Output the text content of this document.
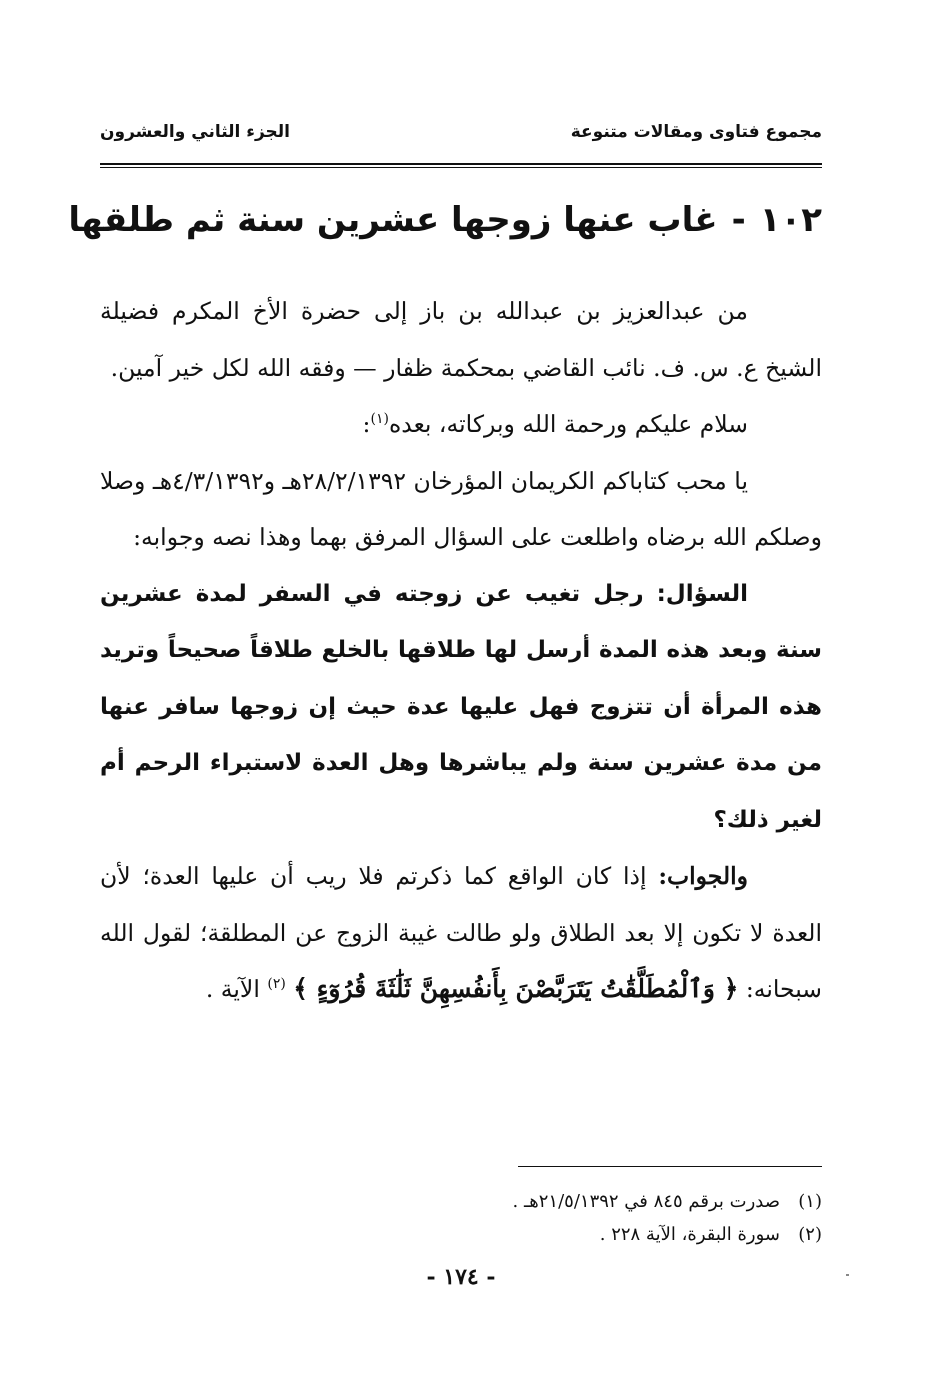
مجموع فتاوى ومقالات متنوعة
الجزء الثاني والعشرون
١٠٢-غاب عنها زوجها عشرين سنة ثم طلقها

من عبدالعزيز بن عبدالله بن باز إلى حضرة الأخ المكرم فضيلة الشيخ ع. س. ف. نائب القاضي بمحكمة ظفار — وفقه الله لكل خير آمين.

سلام عليكم ورحمة الله وبركاته، بعده$^{(١)}$:

يا محب كتاباكم الكريمان المؤرخان ٢٨/٢/١٣٩٢هـ و٤/٣/١٣٩٢هـ وصلا وصلكم الله برضاه واطلعت على السؤال المرفق بهما وهذا نصه وجوابه:

السؤال: رجل تغيب عن زوجته في السفر لمدة عشرين سنة وبعد هذه المدة أرسل لها طلاقها بالخلع طلاقاً صحيحاً وتريد هذه المرأة أن تتزوج فهل عليها عدة حيث إن زوجها سافر عنها من مدة عشرين سنة ولم يباشرها وهل العدة لاستبراء الرحم أم لغير ذلك؟

والجواب: إذا كان الواقع كما ذكرتم فلا ريب أن عليها العدة؛ لأن العدة لا تكون إلا بعد الطلاق ولو طالت غيبة الزوج عن المطلقة؛ لقول الله سبحانه: ﴿ وَٱلْمُطَلَّقَٰتُ يَتَرَبَّصْنَ بِأَنفُسِهِنَّ ثَلَٰثَةَ قُرُوٓءٍ ﴾ $^{(٢)}$ الآية .

(١)صدرت برقم ٨٤٥ في ٢١/٥/١٣٩٢هـ .
(٢)سورة البقرة، الآية ٢٢٨ .
- ١٧٤ -
